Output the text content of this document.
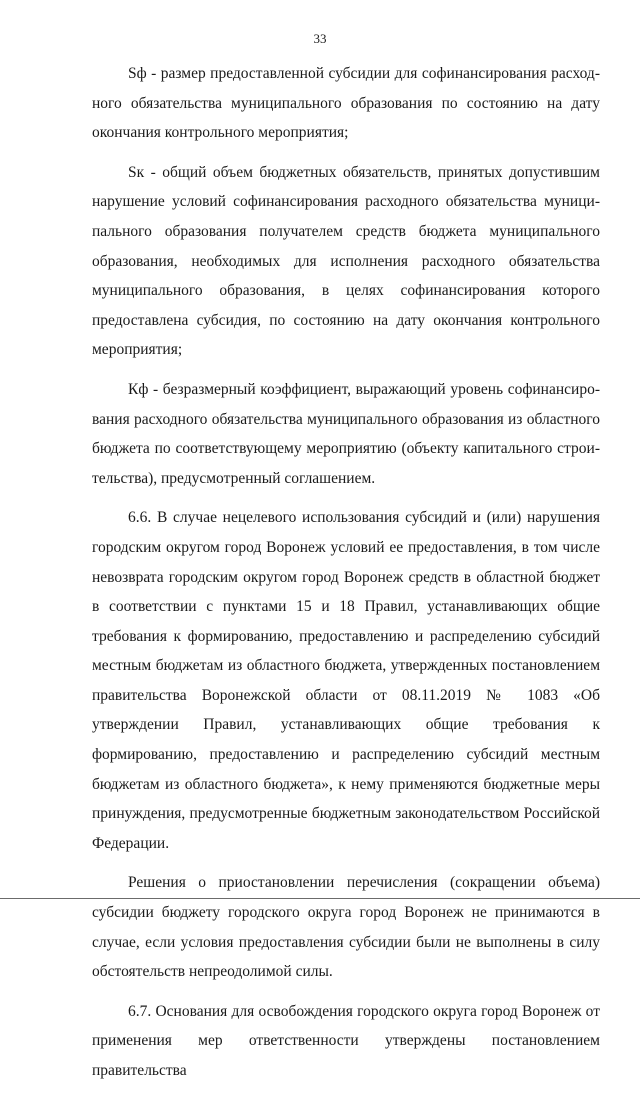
33

Sф - размер предоставленной субсидии для софинансирования расходного обязательства муниципального образования по состоянию на дату окончания контрольного мероприятия;

Sк - общий объем бюджетных обязательств, принятых допустившим нарушение условий софинансирования расходного обязательства муниципального образования получателем средств бюджета муниципального образования, необходимых для исполнения расходного обязательства муниципального образования, в целях софинансирования которого предоставлена субсидия, по состоянию на дату окончания контрольного мероприятия;

Кф - безразмерный коэффициент, выражающий уровень софинансирования расходного обязательства муниципального образования из областного бюджета по соответствующему мероприятию (объекту капитального строительства), предусмотренный соглашением.

6.6. В случае нецелевого использования субсидий и (или) нарушения городским округом город Воронеж условий ее предоставления, в том числе невозврата городским округом город Воронеж средств в областной бюджет в соответствии с пунктами 15 и 18 Правил, устанавливающих общие требования к формированию, предоставлению и распределению субсидий местным бюджетам из областного бюджета, утвержденных постановлением правительства Воронежской области от 08.11.2019 № 1083 «Об утверждении Правил, устанавливающих общие требования к формированию, предоставлению и распределению субсидий местным бюджетам из областного бюджета», к нему применяются бюджетные меры принуждения, предусмотренные бюджетным законодательством Российской Федерации.

Решения о приостановлении перечисления (сокращении объема) субсидии бюджету городского округа город Воронеж не принимаются в случае, если условия предоставления субсидии были не выполнены в силу обстоятельств непреодолимой силы.

6.7. Основания для освобождения городского округа город Воронеж от применения мер ответственности утверждены постановлением правительства
